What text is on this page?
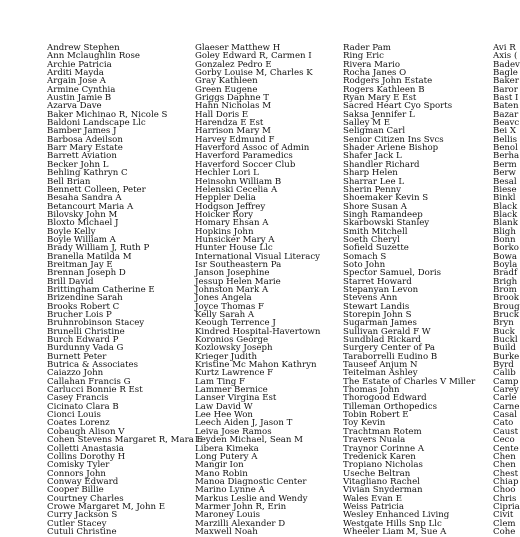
Andrew Stephen
Ann Mclaughlin Rose
Archie Patricia
Arditi Mayda
Argain Jose A
Armine Cynthia
Austin Jamie B
Azarva Dave
Baker Michinao R, Nicole S
Baldoni Landscape Llc
Bamber James J
Barbosa Adeilson
Barr Mary Estate
Barrett Aviation
Becker John L
Behling Kathryn C
Bell Brian
Bennett Colleen, Peter
Besaha Sandra A
Betancourt Maria A
Bilovsky John M
Bloxto Michael J
Boyle Kelly
Boyle William A
Brady William J, Ruth P
Branella Matilda M
Breitman Jay E
Brennan Joseph D
Brill David
Brittingham Catherine E
Brizendine Sarah
Brooks Robert C
Brucher Lois P
Bruhnrobinson Stacey
Brunelli Christine
Burch Edward P
Burdunny Vada G
Burnett Peter
Butrica & Associates
Caiazzo John
Callahan Francis G
Carlucci Bonnie R Est
Casey Francis
Cicinato Clara B
Cionci Louis
Coates Lorenz
Cobaugh Alison V
Cohen Stevens Margaret R, Mara E
Colletti Anastasia
Collins Dorothy H
Comisky Tyler
Connors John
Conway Edward
Cooper Billie
Courtney Charles
Crowe Margaret M, John E
Curry Jackson S
Cutler Stacey
Cutuli Christine
Glaeser Matthew H
Goley Edward R, Carmen I
Gonzalez Pedro E
Gorby Louise M, Charles K
Gray Kathleen
Green Eugene
Griggs Daphne T
Hahn Nicholas M
Hall Doris E
Harendza E Est
Harrison Mary M
Harvey Edmund F
Haverford Assoc of Admin
Haverford Paramedics
Haverford Soccer Club
Hechler Lori L
Heinsohn William B
Helenski Cecelia A
Heppler Delia
Hodgson Jeffrey
Hoicker Rory
Homary Ehsan A
Hopkins John
Hunsicker Mary A
Hunter House Llc
International Visual Literacy
Isr Southeastern Pa
Janson Josephine
Jessup Helen Marie
Johnston Mark A
Jones Angela
Joyce Thomas F
Kelly Sarah A
Keough Terrence J
Kindred Hospital-Havertown
Koronios George
Kozlowsky Joseph
Krieger Judith
Kristine Mc Mahon Kathryn
Kurtz Lawrence F
Lam Ting F
Lammer Bernice
Lanser Virgina Est
Law David W
Lee Hee Won
Leech Aiden J, Jason T
Leiva Jose Ramos
Leyden Michael, Sean M
Libera Kimeka
Long Putery A
Mangir Ion
Mano Robin
Manoa Diagnostic Center
Marino Lynne A
Markus Leslie and Wendy
Marmer John R, Erin
Maroney Louis
Marzilli Alexander D
Maxwell Noah
Rader Pam
Ring Eric
Rivera Mario
Rocha Janes O
Rodgers John Estate
Rogers Kathleen B
Ryan Mary E Est
Sacred Heart Cyo Sports
Saksa Jennifer L
Salley M E
Seligman Carl
Senior Citizen Ins Svcs
Shader Arlene Bishop
Shafer Jack L
Shandler Richard
Sharp Helen
Sharrar Lee L
Sherin Penny
Shoemaker Kevin S
Shore Susan A
Singh Ramandeep
Skarbowski Stanley
Smith Mitchell
Soeth Cheryl
Sofield Suzette
Somach S
Soto John
Spector Samuel, Doris
Starret Howard
Stepanyan Levon
Stevens Ann
Stewart Landis
Storepin John S
Sugarman James
Sullivan Gerald F W
Sundblad Rickard
Surgery Center of Pa
Taraborrelli Eudino B
Tauseef Anjum N
Teitelman Ashley
The Estate of Charles V Miller
Thomas John
Thorogood Edward
Tilleman Orthopedics
Tobin Robert E
Toy Kevin
Trachtman Rotem
Travers Nuala
Traynor Corinne A
Tredenick Karen
Tropiano Nicholas
Useche Beltran
Vitagliano Rachel
Vivian Snyderman
Wales Evan E
Weiss Patricia
Wesley Enhanced Living
Westgate Hills Snp Llc
Wheeler Liam M, Sue A
Avi R
Axis (
Badev
Bagle
Baker
Baror
Bast I
Baten
Bazar
Beavc
Bei X
Bellis
Benol
Berha
Berm
Berw
Besal
Biese
Binkl
Black
Black
Blank
Bligh
Bonn
Borko
Bowa
Boyla
Bradf
Brigh
Brom
Brook
Broug
Bruck
Bryn
Buck
Buckl
Build
Burke
Byrd
Calib
Camp
Carey
Carle
Carne
Casal
Cato
Caust
Ceco
Cente
Chen
Chen
Chest
Chiap
Choo
Chris
Cipria
Civit
Clem
Cohe
